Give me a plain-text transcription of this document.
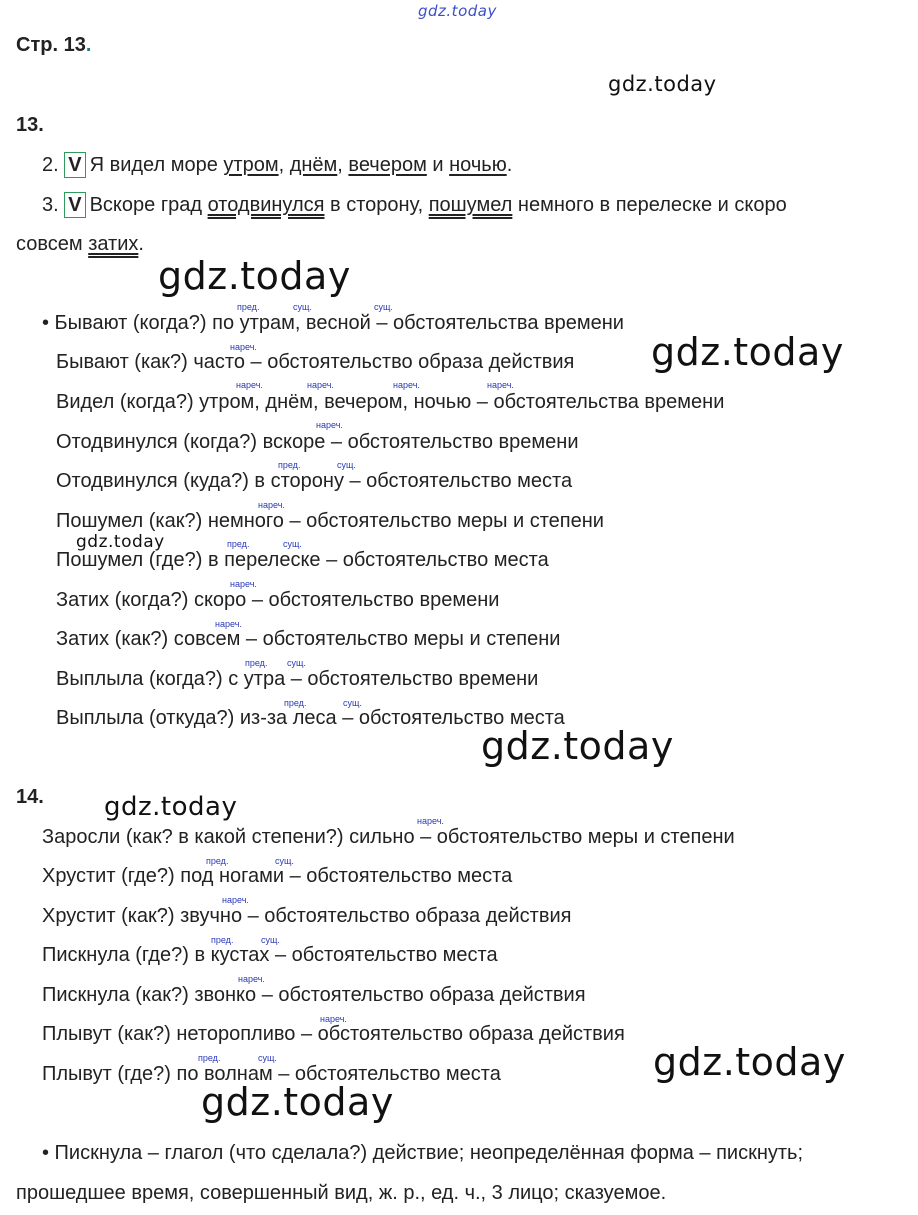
gdz.today
Стр. 13.
gdz.today
13.
2. V Я видел море утром, днём, вечером и ночью.
3. V Вскоре град отодвинулся в сторону, пошумел немного в перелеске и скоро
совсем затих.
gdz.today
пред.	сущ.	сущ.
нареч.
нареч.	нареч.	нареч.	нареч.
нареч.
пред.	сущ.
нареч.
пред.	сущ.
нареч.
нареч.
пред. сущ.
пред.	сущ.
• Бывают (когда?) по утрам, весной – обстоятельства времени
Бывают (как?) часто – обстоятельство образа действия gdz.today
Видел (когда?) утром, днём, вечером, ночью – обстоятельства времени
Отодвинулся (когда?) вскоре – обстоятельство времени
Отодвинулся (куда?) в сторону – обстоятельство места
Пошумел (как?) немного – обстоятельство меры и степени
gdz.today
Пошумел (где?) в перелеске – обстоятельство места
Затих (когда?) скоро – обстоятельство времени
Затих (как?) совсем – обстоятельство меры и степени
Выплыла (когда?) с утра – обстоятельство времени
Выплыла (откуда?) из-за леса – обстоятельство места
gdz.today
14. gdz.today	нареч.
пред.	сущ.
нареч.
пред.	сущ.
нареч.
нареч.
пред.	сущ.
Заросли (как? в какой степени?) сильно – обстоятельство меры и степени
Хрустит (где?) под ногами – обстоятельство места
Хрустит (как?) звучно – обстоятельство образа действия
Пискнула (где?) в кустах – обстоятельство места
Пискнула (как?) звонко – обстоятельство образа действия
Плывут (как?) неторопливо – обстоятельство образа действия
gdz.today
Плывут (где?) по волнам – обстоятельство места
gdz.today
• Пискнула – глагол (что сделала?) действие; неопределённая форма – пискнуть;
прошедшее время, совершенный вид, ж. р., ед. ч., 3 лицо; сказуемое.
